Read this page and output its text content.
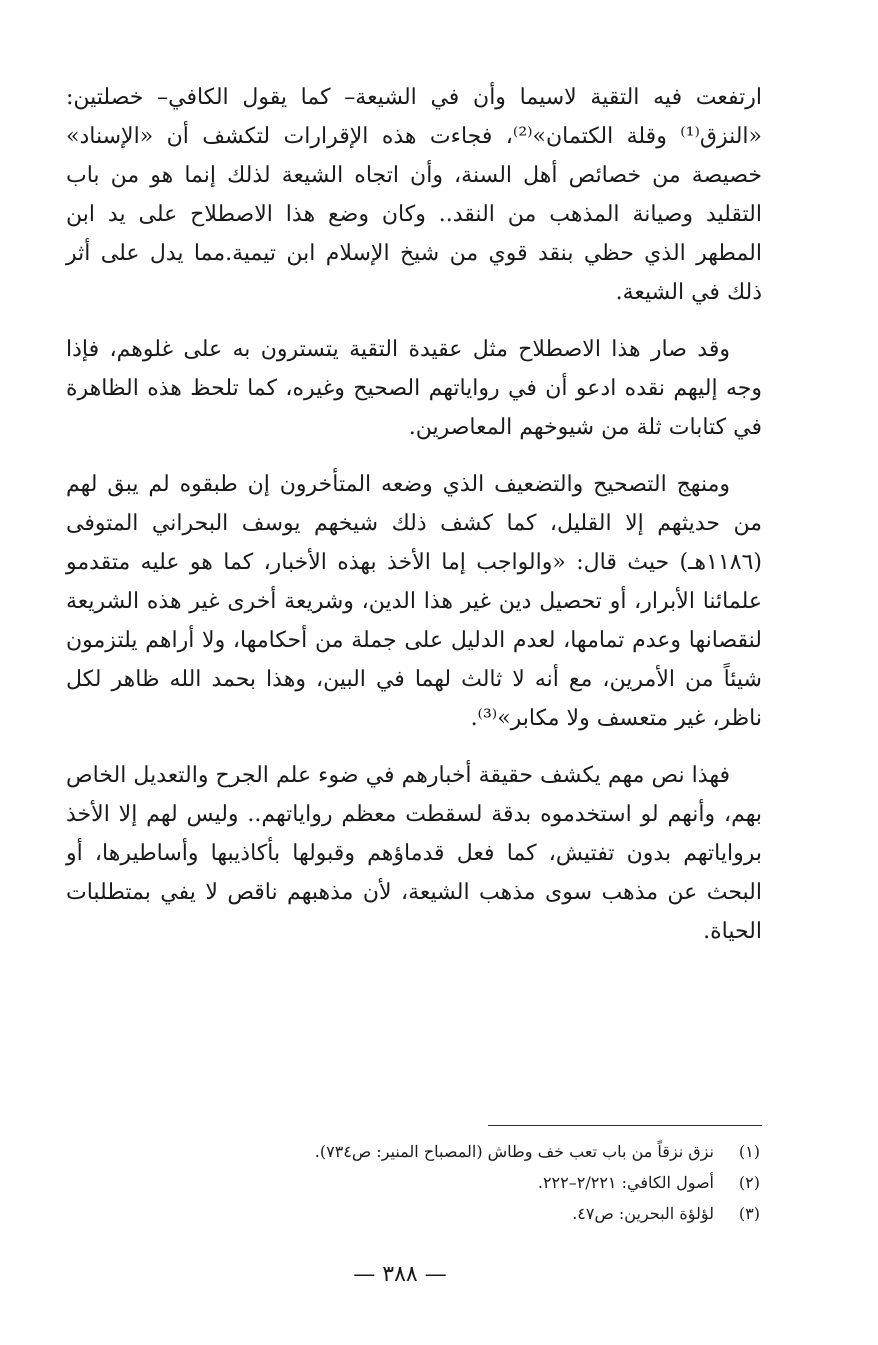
ارتفعت فيه التقية لاسيما وأن في الشيعة– كما يقول الكافي– خصلتين: «النزق⁽¹⁾ وقلة الكتمان»⁽²⁾، فجاءت هذه الإقرارات لتكشف أن «الإسناد» خصيصة من خصائص أهل السنة، وأن اتجاه الشيعة لذلك إنما هو من باب التقليد وصيانة المذهب من النقد.. وكان وضع هذا الاصطلاح على يد ابن المطهر الذي حظي بنقد قوي من شيخ الإسلام ابن تيمية.مما يدل على أثر ذلك في الشيعة.

وقد صار هذا الاصطلاح مثل عقيدة التقية يتسترون به على غلوهم، فإذا وجه إليهم نقده ادعو أن في رواياتهم الصحيح وغيره، كما تلحظ هذه الظاهرة في كتابات ثلة من شيوخهم المعاصرين.

ومنهج التصحيح والتضعيف الذي وضعه المتأخرون إن طبقوه لم يبق لهم من حديثهم إلا القليل، كما كشف ذلك شيخهم يوسف البحراني المتوفى (١١٨٦هـ) حيث قال: «والواجب إما الأخذ بهذه الأخبار، كما هو عليه متقدمو علمائنا الأبرار، أو تحصيل دين غير هذا الدين، وشريعة أخرى غير هذه الشريعة لنقصانها وعدم تمامها، لعدم الدليل على جملة من أحكامها، ولا أراهم يلتزمون شيئاً من الأمرين، مع أنه لا ثالث لهما في البين، وهذا بحمد الله ظاهر لكل ناظر، غير متعسف ولا مكابر»⁽³⁾.

فهذا نص مهم يكشف حقيقة أخبارهم في ضوء علم الجرح والتعديل الخاص بهم، وأنهم لو استخدموه بدقة لسقطت معظم رواياتهم.. وليس لهم إلا الأخذ برواياتهم بدون تفتيش، كما فعل قدماؤهم وقبولها بأكاذيبها وأساطيرها، أو البحث عن مذهب سوى مذهب الشيعة، لأن مذهبهم ناقص لا يفي بمتطلبات الحياة.

(١)
نزق نزقاً من باب تعب خف وطاش (المصباح المنير: ص٧٣٤).
(٢)
أصول الكافي: ٢/٢٢١–٢٢٢.
(٣)
لؤلؤة البحرين: ص٤٧.
— ٣٨٨ —
